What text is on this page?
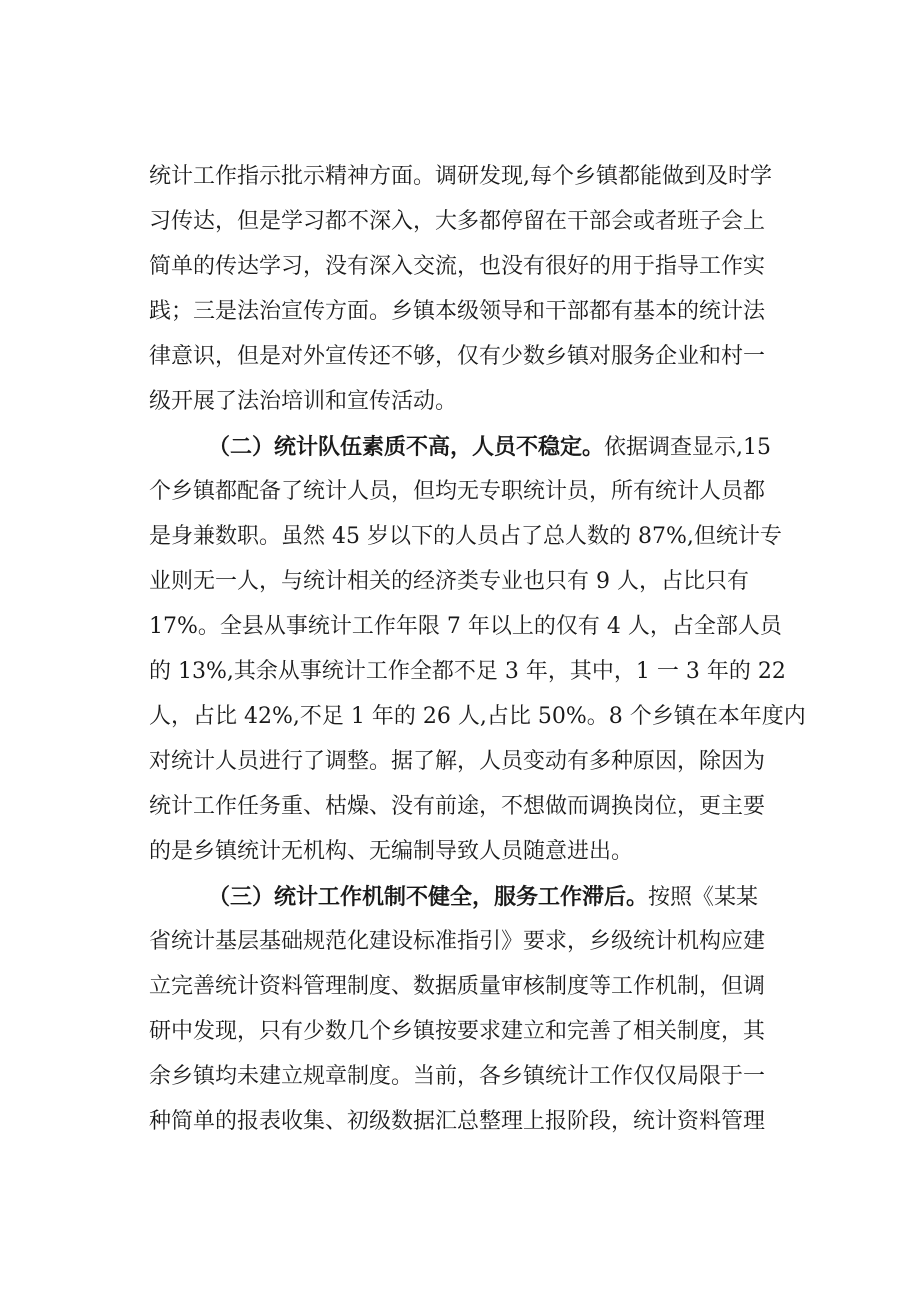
统计工作指示批示精神方面。调研发现,每个乡镇都能做到及时学
习传达，但是学习都不深入，大多都停留在干部会或者班子会上
简单的传达学习，没有深入交流，也没有很好的用于指导工作实
践；三是法治宣传方面。乡镇本级领导和干部都有基本的统计法
律意识，但是对外宣传还不够，仅有少数乡镇对服务企业和村一
级开展了法治培训和宣传活动。
（二）统计队伍素质不高，人员不稳定。依据调查显示,15
个乡镇都配备了统计人员，但均无专职统计员，所有统计人员都
是身兼数职。虽然 45 岁以下的人员占了总人数的 87%,但统计专
业则无一人，与统计相关的经济类专业也只有 9 人，占比只有
17%。全县从事统计工作年限 7 年以上的仅有 4 人，占全部人员
的 13%,其余从事统计工作全都不足 3 年，其中，1 一 3 年的 22
人，占比 42%,不足 1 年的 26 人,占比 50%。8 个乡镇在本年度内
对统计人员进行了调整。据了解，人员变动有多种原因，除因为
统计工作任务重、枯燥、没有前途，不想做而调换岗位，更主要
的是乡镇统计无机构、无编制导致人员随意进出。
（三）统计工作机制不健全，服务工作滞后。按照《某某
省统计基层基础规范化建设标准指引》要求，乡级统计机构应建
立完善统计资料管理制度、数据质量审核制度等工作机制，但调
研中发现，只有少数几个乡镇按要求建立和完善了相关制度，其
余乡镇均未建立规章制度。当前，各乡镇统计工作仅仅局限于一
种简单的报表收集、初级数据汇总整理上报阶段，统计资料管理
